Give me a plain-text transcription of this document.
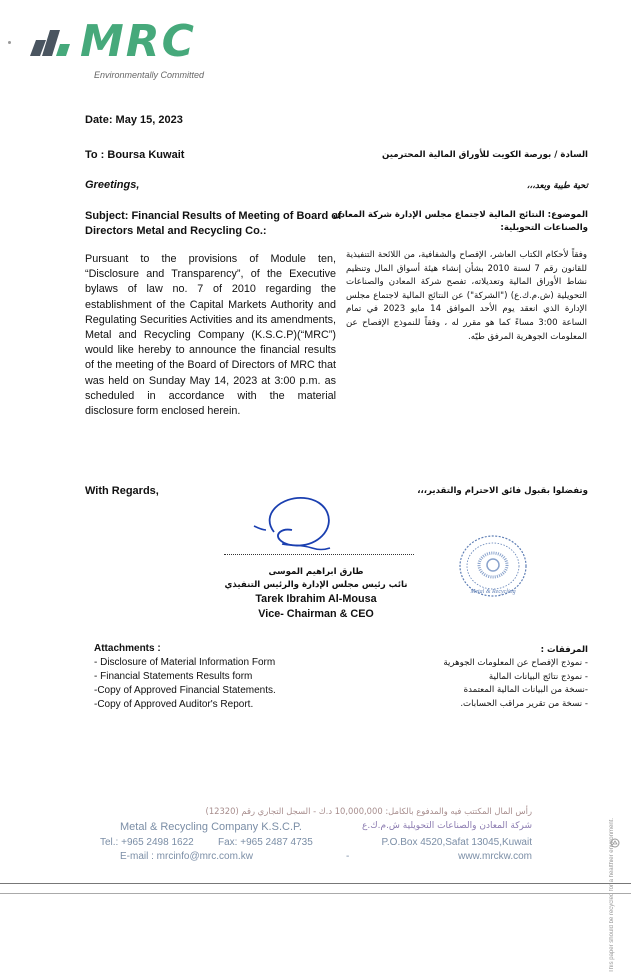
MRC
Environmentally Committed
Date: May 15, 2023
To : Boursa Kuwait
Greetings,
Subject: Financial Results of Meeting of Board of Directors Metal and Recycling Co.:
Pursuant to the provisions of Module ten, “Disclosure and Transparency”, of the Executive bylaws of law no. 7 of 2010 regarding the establishment of the Capital Markets Authority and Regulating Securities Activities and its amendments, Metal and Recycling Company (K.S.C.P)(“MRC”) would like hereby to announce the financial results of the meeting of the Board of Directors of MRC that was held on Sunday May 14, 2023 at 3:00 p.m. as scheduled in accordance with the material disclosure form enclosed herein.
With Regards,
السادة / بورصة الكويت للأوراق المالية المحترمين
تحية طيبة وبعد،،،
الموضوع: النتائج المالية لاجتماع مجلس الإدارة شركة المعادن والصناعات التحويلية:
وفقاً لأحكام الكتاب العاشر، الإفصاح والشفافية، من اللائحة التنفيذية للقانون رقم 7 لسنة 2010 بشأن إنشاء هيئة أسواق المال وتنظيم نشاط الأوراق المالية وتعديلاته، تفصح شركة المعادن والصناعات التحويلية (ش.م.ك.ع) ("الشركة") عن النتائج المالية لاجتماع مجلس الإدارة الذي انعقد يوم الأحد الموافق 14 مايو 2023 في تمام الساعة 3:00 مساءً كما هو مقرر له ، وفقاً للنموذج الإفصاح عن المعلومات الجوهرية المرفق طيّه.
وتفضلوا بقبول فائق الاحترام والتقدير،،،
Metal & Recycling
طارق ابراهيم الموسى
نائب رئيس مجلس الإدارة والرئيس التنفيذي
Tarek Ibrahim Al-Mousa
Vice- Chairman & CEO
Attachments :
- Disclosure of Material Information Form
- Financial Statements Results form
-Copy of Approved Financial Statements.
-Copy of Approved Auditor's Report.
المرفقات :
- نموذج الإفصاح عن المعلومات الجوهرية
- نموذج نتائج البيانات المالية
-نسخة من البيانات المالية المعتمدة
- نسخة من تقرير مراقب الحسابات.
This paper should be recycled for a healthier environment.
رأس المال المكتتب فيه والمدفوع بالكامل: 10,000,000 د.ك - السجل التجاري رقم (12320)
Metal & Recycling Company K.S.C.P.	شركة المعادن والصناعات التحويلية ش.م.ك.ع
Tel.: +965 2498 1622 Fax: +965 2487 4735	P.O.Box 4520,Safat 13045,Kuwait
E-mail : mrcinfo@mrc.com.kw	-	www.mrckw.com
